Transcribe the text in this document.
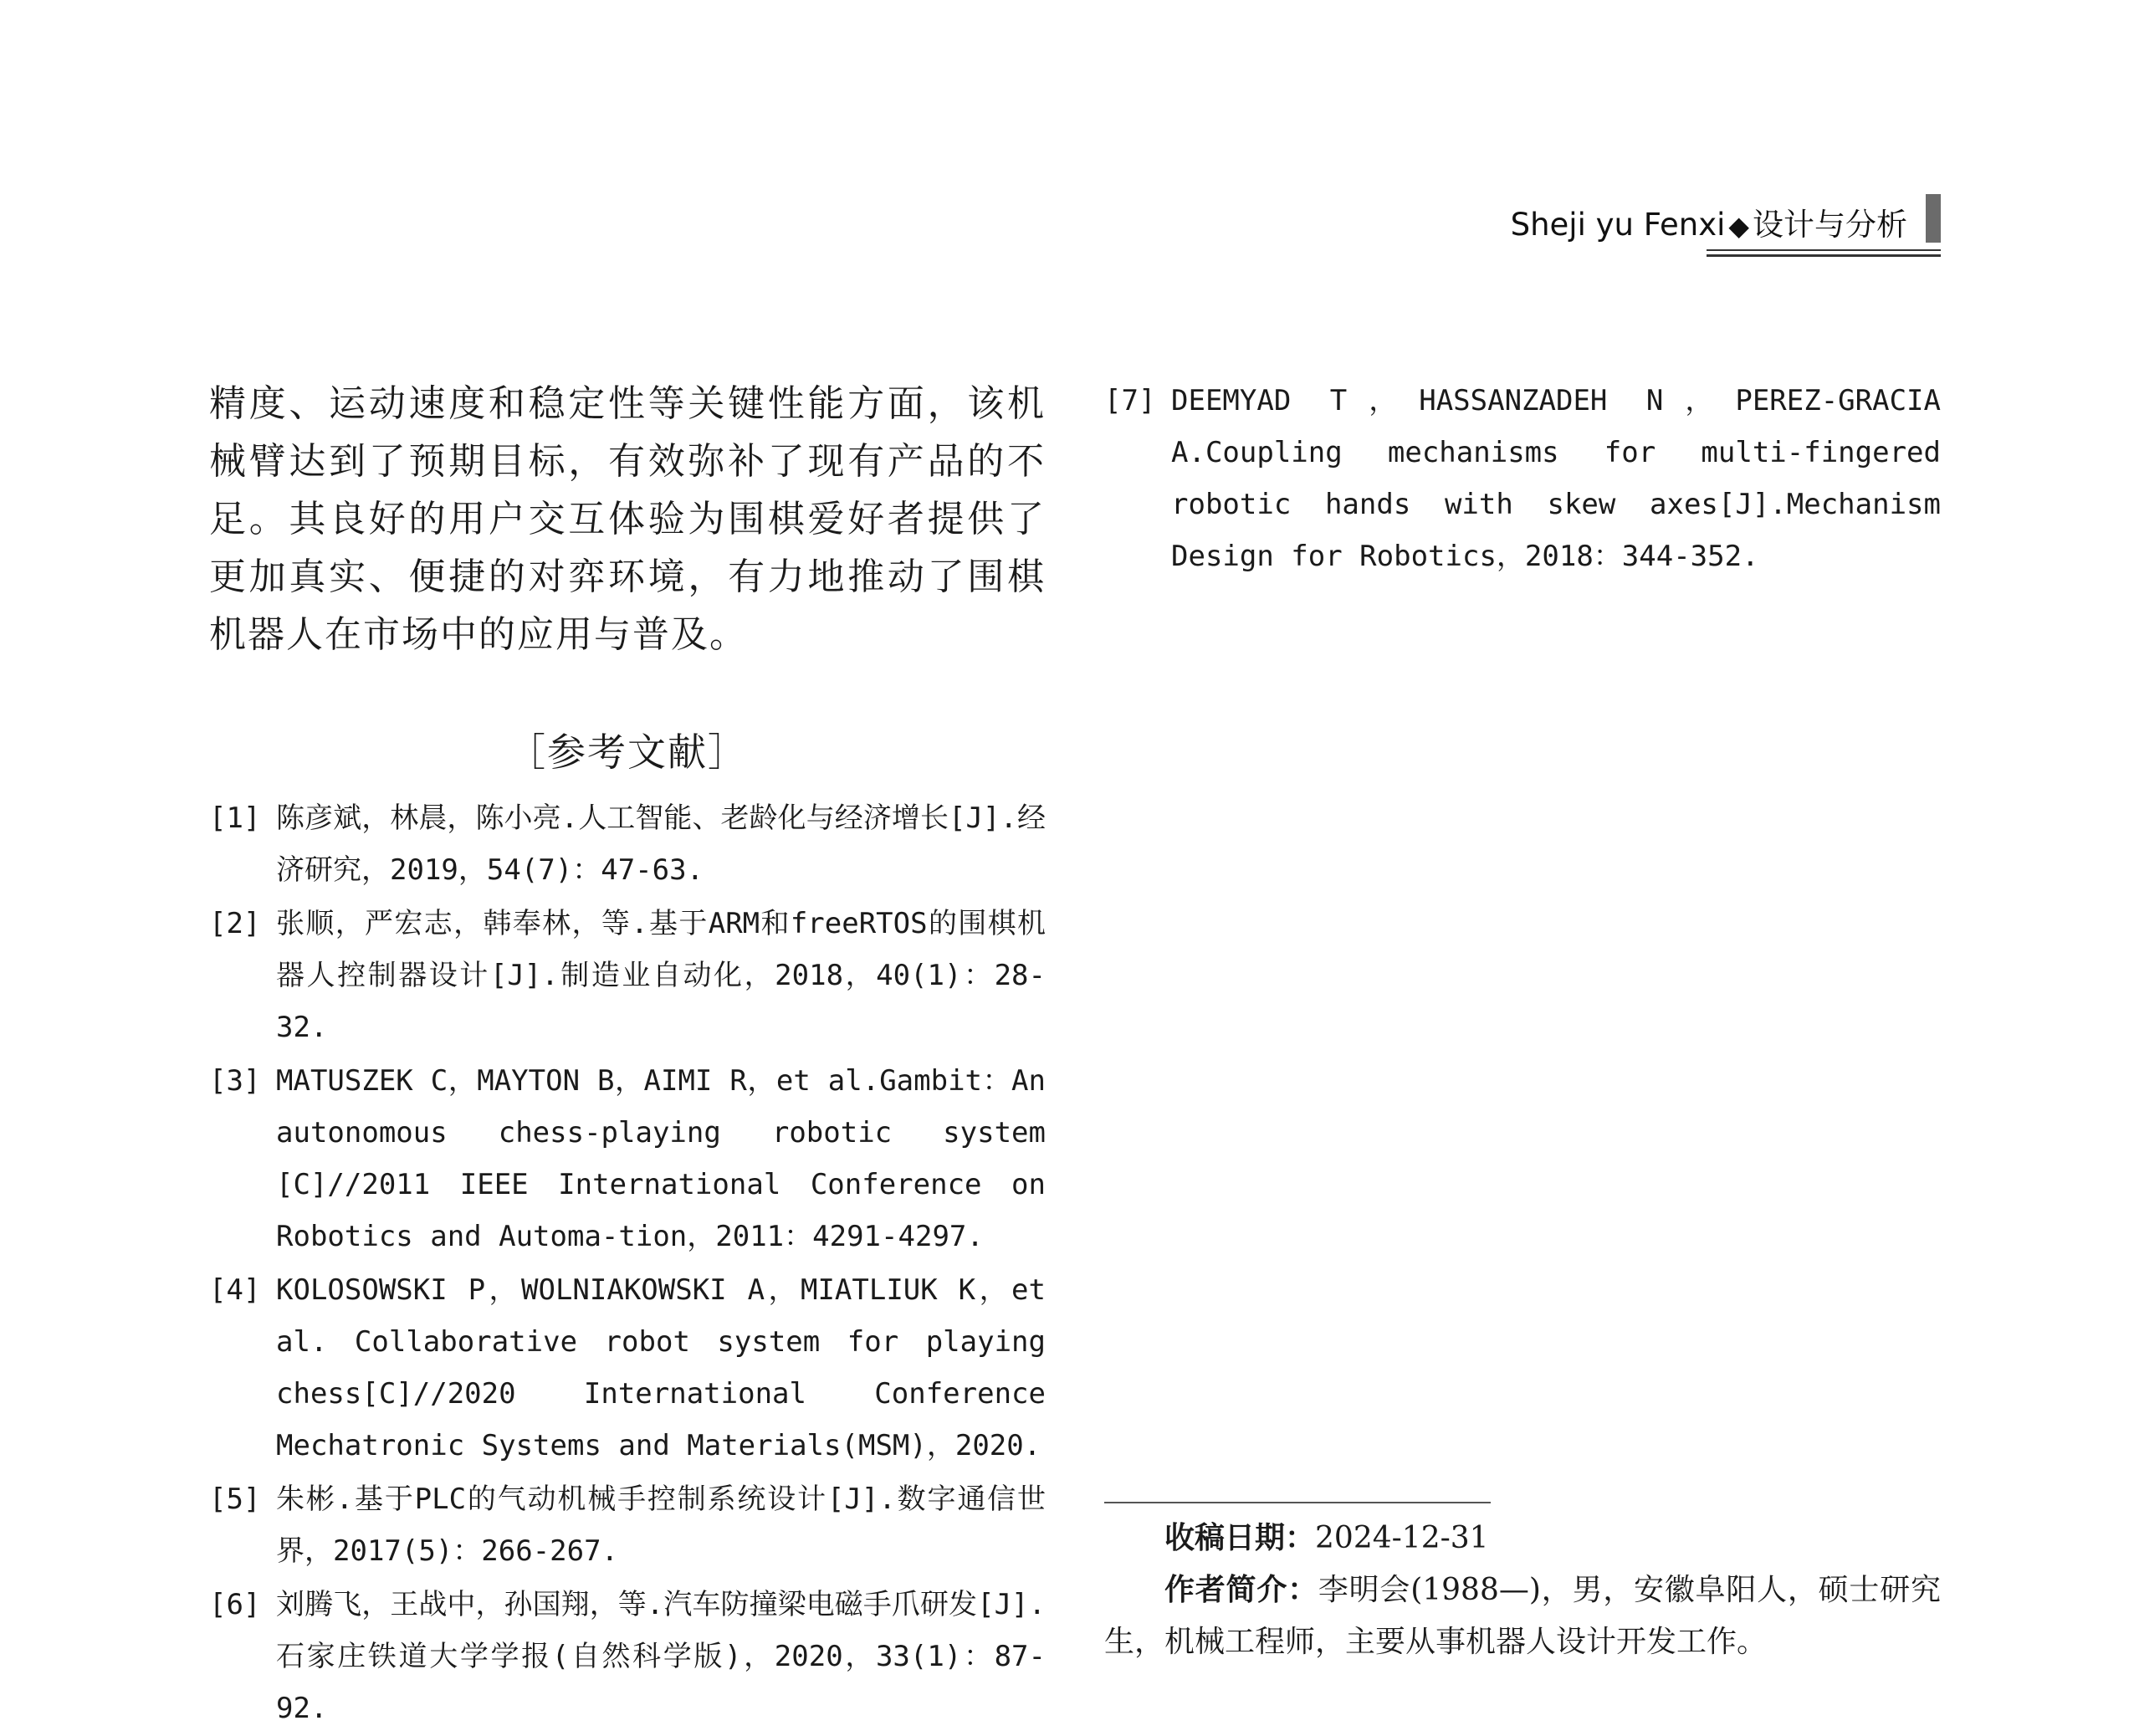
Sheji yu Fenxi ◆ 设计与分析

精度、运动速度和稳定性等关键性能方面，该机械臂达到了预期目标，有效弥补了现有产品的不足。其良好的用户交互体验为围棋爱好者提供了更加真实、便捷的对弈环境，有力地推动了围棋机器人在市场中的应用与普及。

［参考文献］
[1] 陈彦斌，林晨，陈小亮.人工智能、老龄化与经济增长[J].经济研究，2019，54(7)：47-63.
[2] 张顺，严宏志，韩奉林，等.基于ARM和freeRTOS的围棋机器人控制器设计[J].制造业自动化，2018，40(1)：28-32.
[3] MATUSZEK C，MAYTON B，AIMI R，et al.Gambit：An autonomous chess-playing robotic system [C]//2011 IEEE International Conference on Robotics and Automa-tion，2011：4291-4297.
[4] KOLOSOWSKI P，WOLNIAKOWSKI A，MIATLIUK K，et al. Collaborative robot system for playing chess[C]//2020 International Conference Mechatronic Systems and Materials(MSM)，2020.
[5] 朱彬.基于PLC的气动机械手控制系统设计[J].数字通信世界，2017(5)：266-267.
[6] 刘腾飞，王战中，孙国翔，等.汽车防撞梁电磁手爪研发[J].石家庄铁道大学学报(自然科学版)，2020，33(1)：87-92.
[7] DEEMYAD T，HASSANZADEH N，PEREZ-GRACIA A.Coupling mechanisms for multi-fingered robotic hands with skew axes[J].Mechanism Design for Robotics，2018：344-352.

收稿日期：2024-12-31

作者简介：李明会(1988—)，男，安徽阜阳人，硕士研究生，机械工程师，主要从事机器人设计开发工作。
